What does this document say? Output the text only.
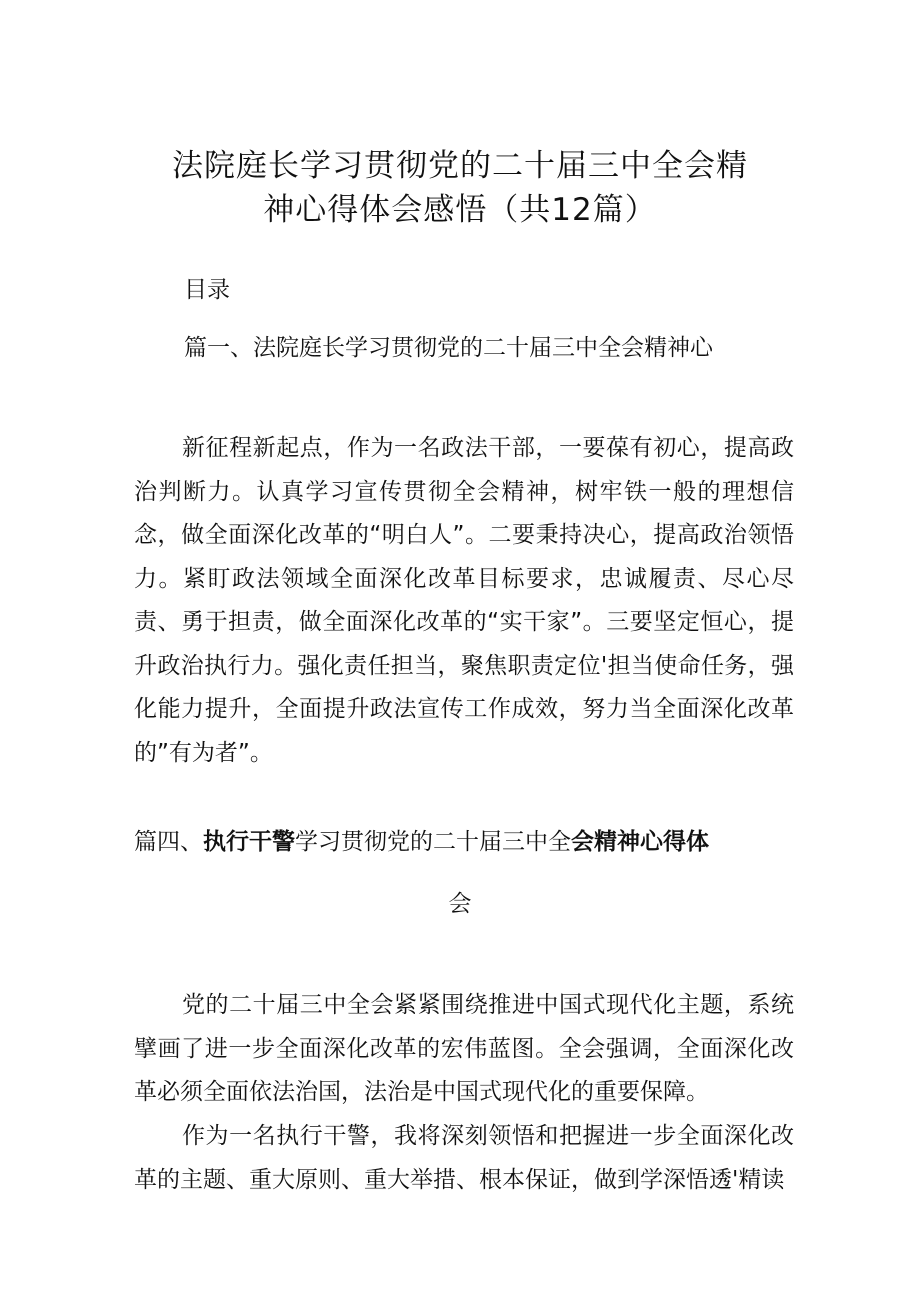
法院庭长学习贯彻党的二十届三中全会精
神心得体会感悟（共12篇）
目录
篇一、法院庭长学习贯彻党的二十届三中全会精神心
新征程新起点，作为一名政法干部，一要葆有初心，提高政治判断力。认真学习宣传贯彻全会精神，树牢铁一般的理想信念，做全面深化改革的“明白人”。二要秉持决心，提高政治领悟力。紧盯政法领域全面深化改革目标要求，忠诚履责、尽心尽责、勇于担责，做全面深化改革的“实干家”。三要坚定恒心，提升政治执行力。强化责任担当，聚焦职责定位'担当使命任务，强化能力提升，全面提升政法宣传工作成效，努力当全面深化改革的”有为者”。
篇四、执行干警学习贯彻党的二十届三中全会精神心得体
会
党的二十届三中全会紧紧围绕推进中国式现代化主题，系统擘画了进一步全面深化改革的宏伟蓝图。全会强调，全面深化改革必须全面依法治国，法治是中国式现代化的重要保障。
作为一名执行干警，我将深刻领悟和把握进一步全面深化改革的主题、重大原则、重大举措、根本保证，做到学深悟透'精读
